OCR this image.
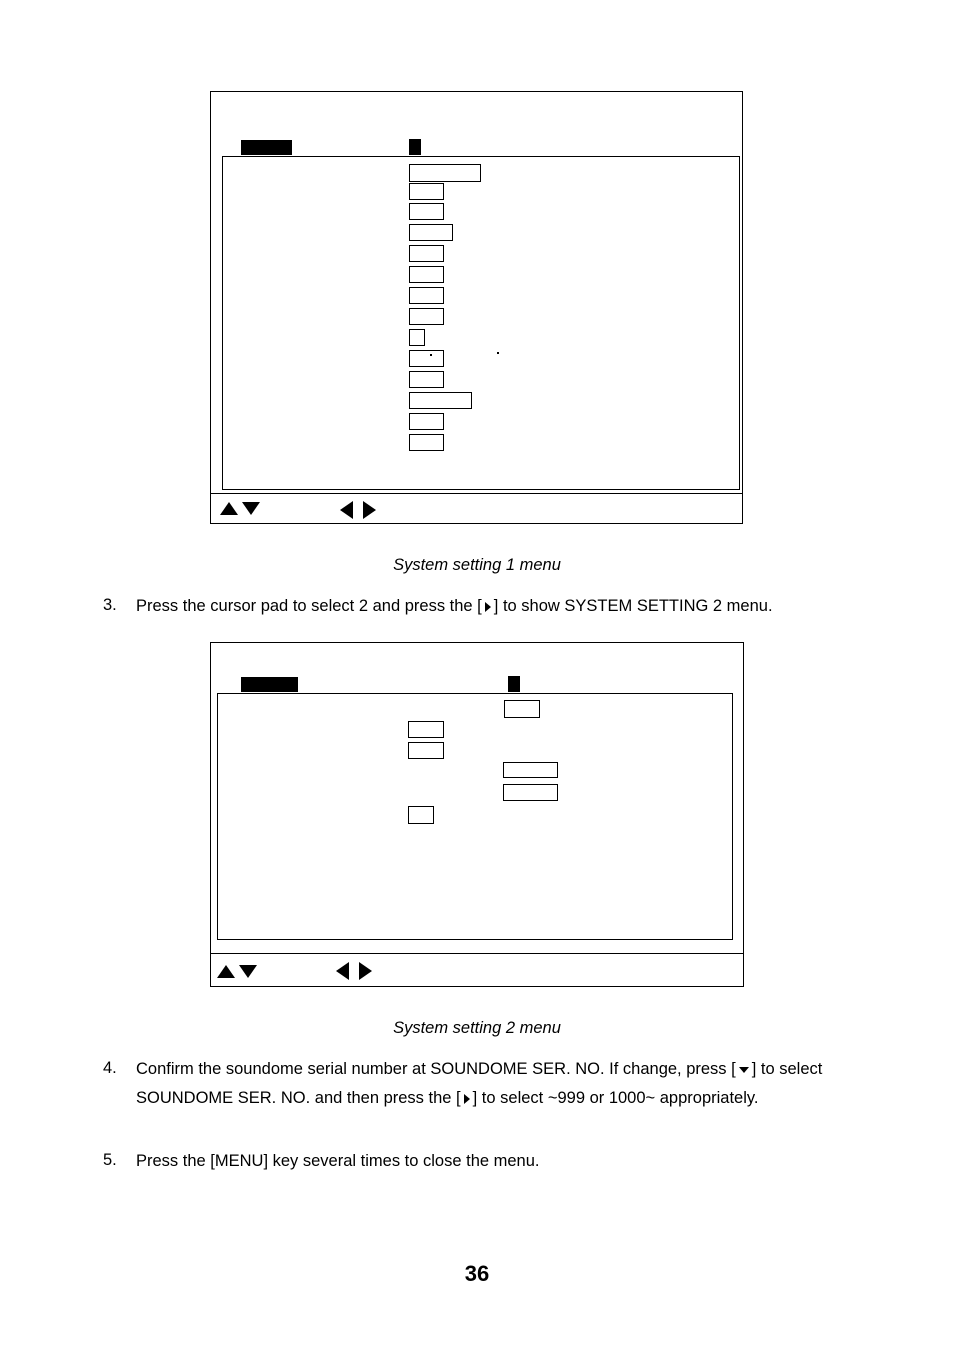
System setting 1 menu
3. Press the cursor pad to select 2 and press the [ ] to show SYSTEM SETTING 2 menu.
System setting 2 menu
4. Confirm the soundome serial number at SOUNDOME SER. NO. If change, press [ ] to select SOUNDOME SER. NO. and then press the [ ] to select ~999 or 1000~ appropriately.
5. Press the [MENU] key several times to close the menu.
36
